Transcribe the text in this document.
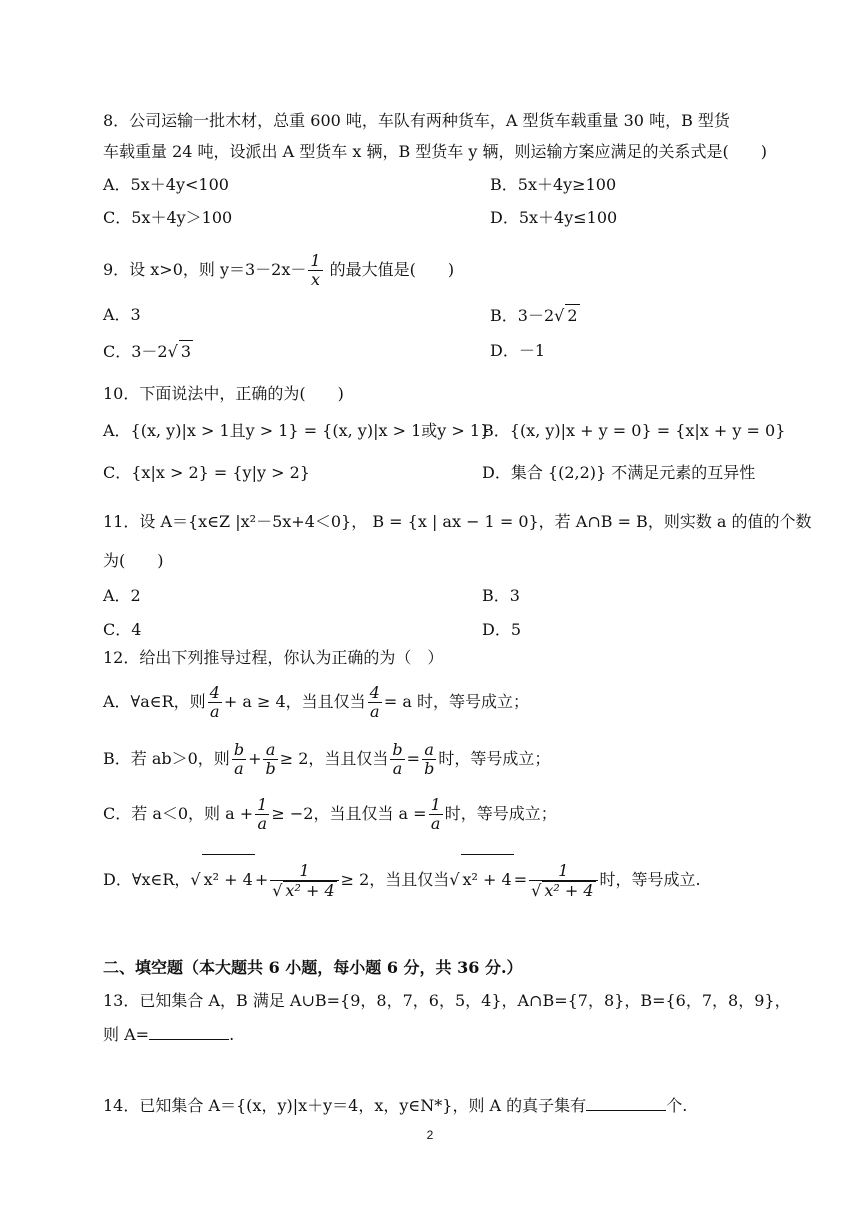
8．公司运输一批木材，总重 600 吨，车队有两种货车，A 型货车载重量 30 吨，B 型货
车载重量 24 吨，设派出 A 型货车 x 辆，B 型货车 y 辆，则运输方案应满足的关系式是(　　)
A．5x＋4y<100	B．5x＋4y≥100
C．5x＋4y＞100	D．5x＋4y≤100
9．设 x>0，则 $y=3-2x- \frac{1}{x}$ 的最大值是(　　)
A．3	B．3－2√ 2
C．3－2√ 3	D．－1
10．下面说法中，正确的为(　　)
A．{(x, y)|x > 1且y > 1} = {(x, y)|x > 1或y > 1}
B．{(x, y)|x + y = 0} = {x|x + y = 0}
C．{x|x > 2} = {y|y > 2}	D．集合 {(2,2)} 不满足元素的互异性
11．设 A＝{x∈Z |x²－5x+4＜0}， B = {x | ax − 1 = 0}，若 A∩B = B，则实数 a 的值的个数
为(　　)
A．2	B．3
C．4	D．5
12．给出下列推导过程，你认为正确的为（　）
A．∀a∈R，则 $\frac{4}{a} + a \ge 4$，当且仅当 $\frac{4}{a} = a$ 时，等号成立；
B．若 ab＞0，则 $\frac{b}{a} + \frac{a}{b} \ge 2$，当且仅当 $\frac{b}{a} = \frac{a}{b}$ 时，等号成立；
C．若 a＜0，则 $a + \frac{1}{a} \ge -2$，当且仅当 $a = \frac{1}{a}$ 时，等号成立；
D．∀x∈R，√ $x^2 + 4 + \frac{1}{\text{√ x² + 4}} \ge 2$，当且仅当√ $x^2 + 4 = \frac{1}{\text{√ x² + 4}}$ 时，等号成立.
二、填空题（本大题共 6 小题，每小题 6 分，共 36 分.）
13．已知集合 A，B 满足 A∪B={9，8，7，6，5，4}，A∩B={7，8}，B={6，7，8，9}，
则 A=	.
14．已知集合 A＝{(x，y)|x＋y＝4，x，y∈N*}，则 A 的真子集有	个.
2
